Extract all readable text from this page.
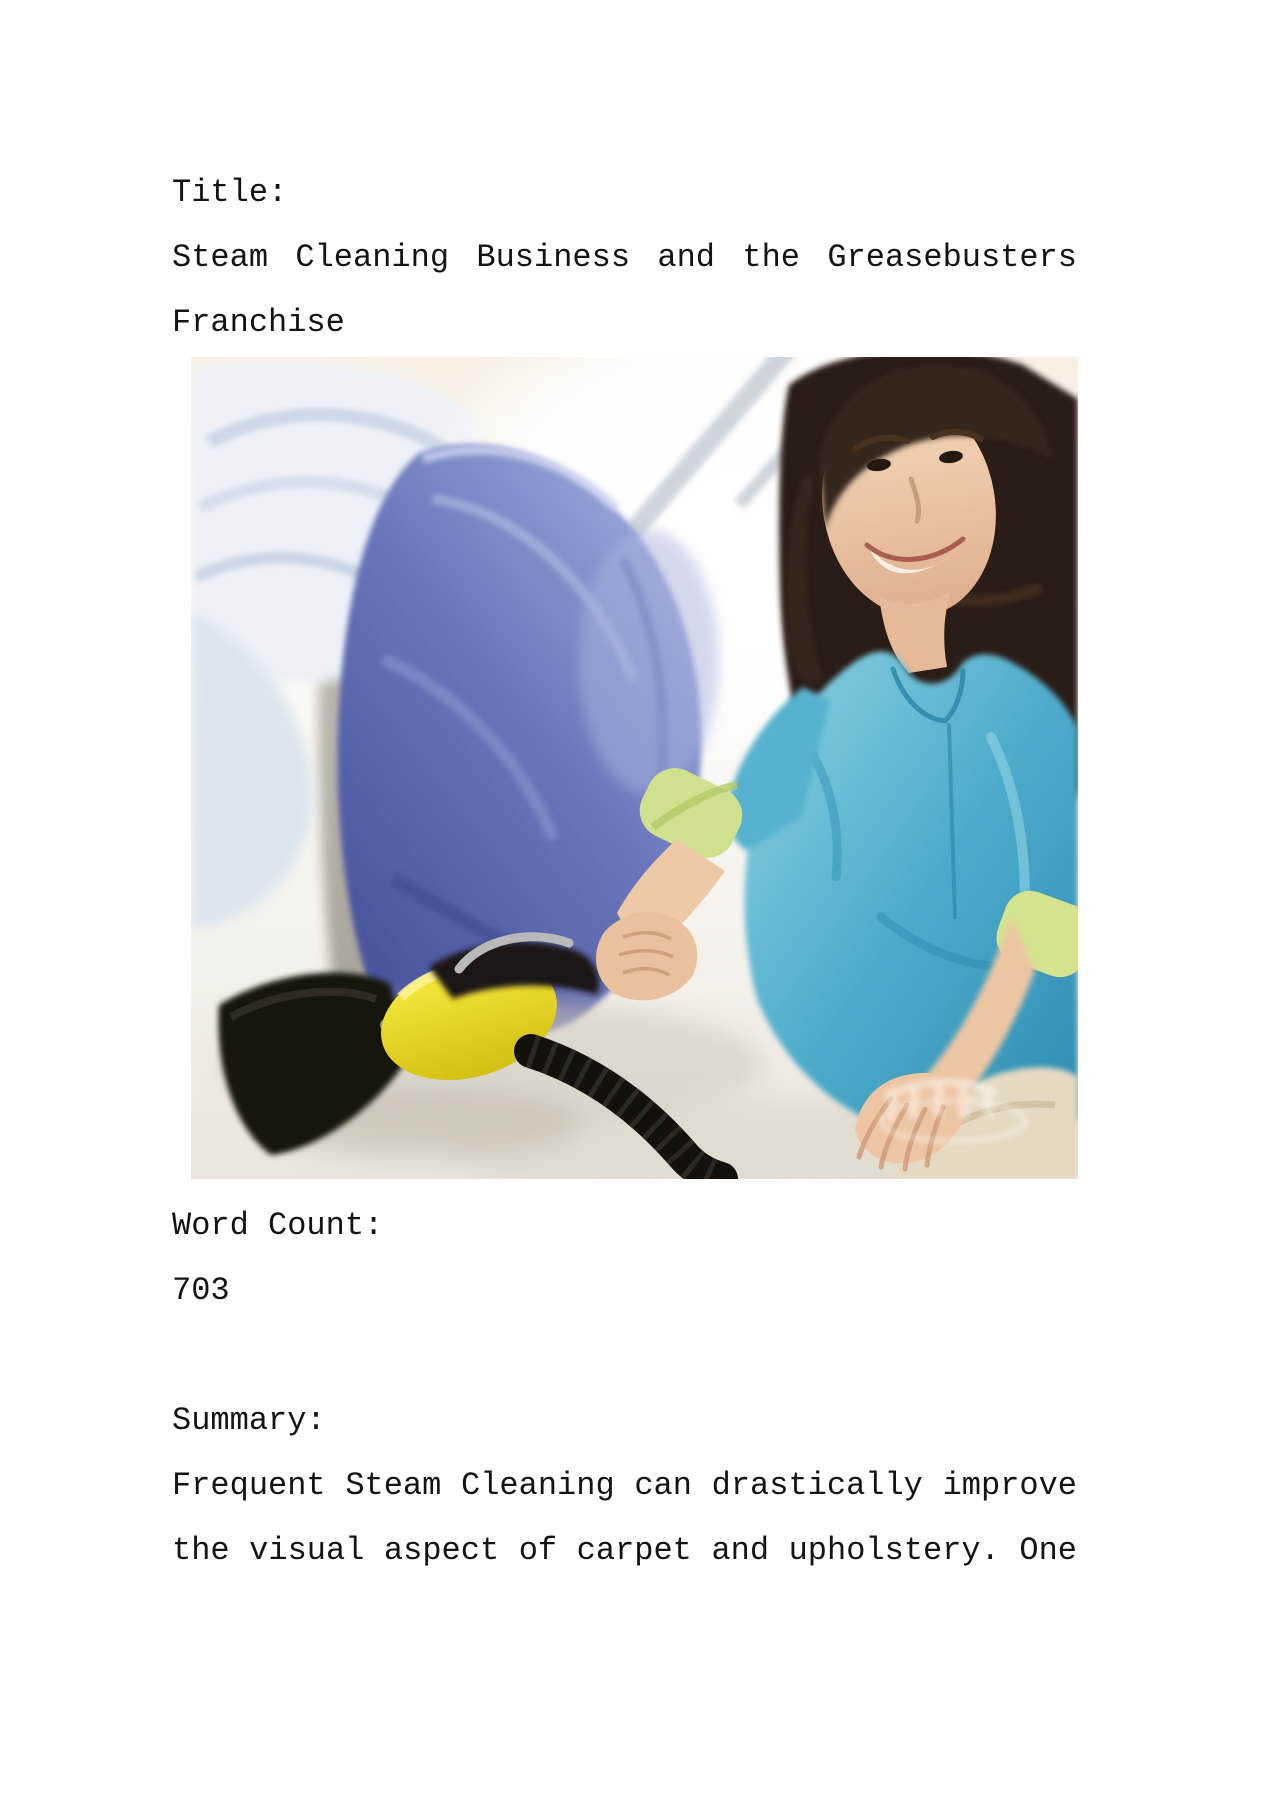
Title:
Steam Cleaning Business and the Greasebusters
Franchise
Word Count:
703
Summary:
Frequent Steam Cleaning can drastically improve
the visual aspect of carpet and upholstery. One
